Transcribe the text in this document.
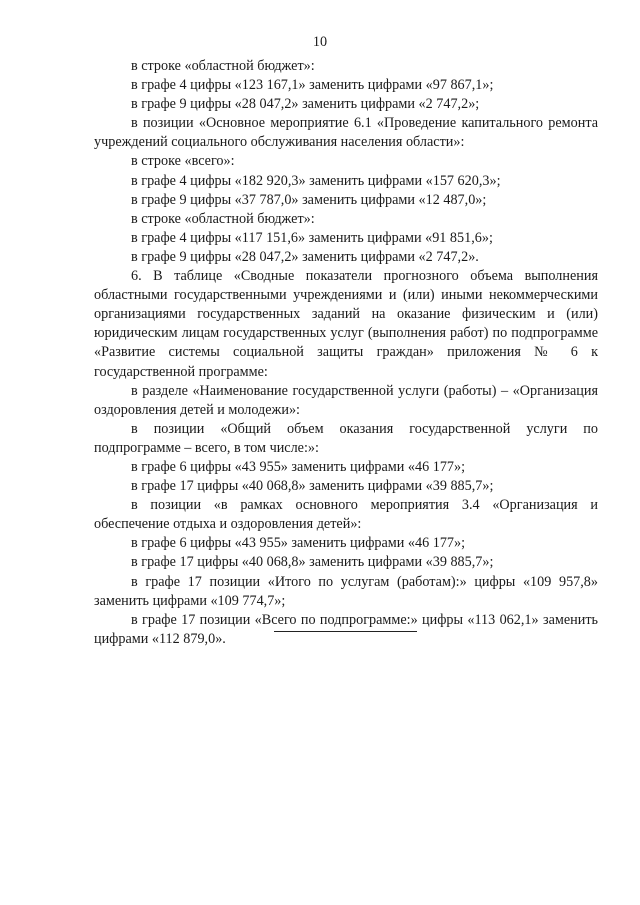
10

в строке «областной бюджет»:

в графе 4 цифры «123 167,1» заменить цифрами «97 867,1»;

в графе 9 цифры «28 047,2» заменить цифрами «2 747,2»;

в позиции «Основное мероприятие 6.1 «Проведение капитального ремонта учреждений социального обслуживания населения области»:

в строке «всего»:

в графе 4 цифры «182 920,3» заменить цифрами «157 620,3»;

в графе 9 цифры «37 787,0» заменить цифрами «12 487,0»;

в строке «областной бюджет»:

в графе 4 цифры «117 151,6» заменить цифрами «91 851,6»;

в графе 9 цифры «28 047,2» заменить цифрами «2 747,2».

6. В таблице «Сводные показатели прогнозного объема выполнения областными государственными учреждениями и (или) иными некоммерческими организациями государственных заданий на оказание физическим и (или) юридическим лицам государственных услуг (выполнения работ) по подпрограмме «Развитие системы социальной защиты граждан» приложения № 6 к государственной программе:

в разделе «Наименование государственной услуги (работы) – «Организация оздоровления детей и молодежи»:

в позиции «Общий объем оказания государственной услуги по подпрограмме – всего, в том числе:»:

в графе 6 цифры «43 955» заменить цифрами «46 177»;

в графе 17 цифры «40 068,8» заменить цифрами «39 885,7»;

в позиции «в рамках основного мероприятия 3.4 «Организация и обеспечение отдыха и оздоровления детей»:

в графе 6 цифры «43 955» заменить цифрами «46 177»;

в графе 17 цифры «40 068,8» заменить цифрами «39 885,7»;

в графе 17 позиции «Итого по услугам (работам):» цифры «109 957,8» заменить цифрами «109 774,7»;

в графе 17 позиции «Всего по подпрограмме:» цифры «113 062,1» заменить цифрами «112 879,0».
